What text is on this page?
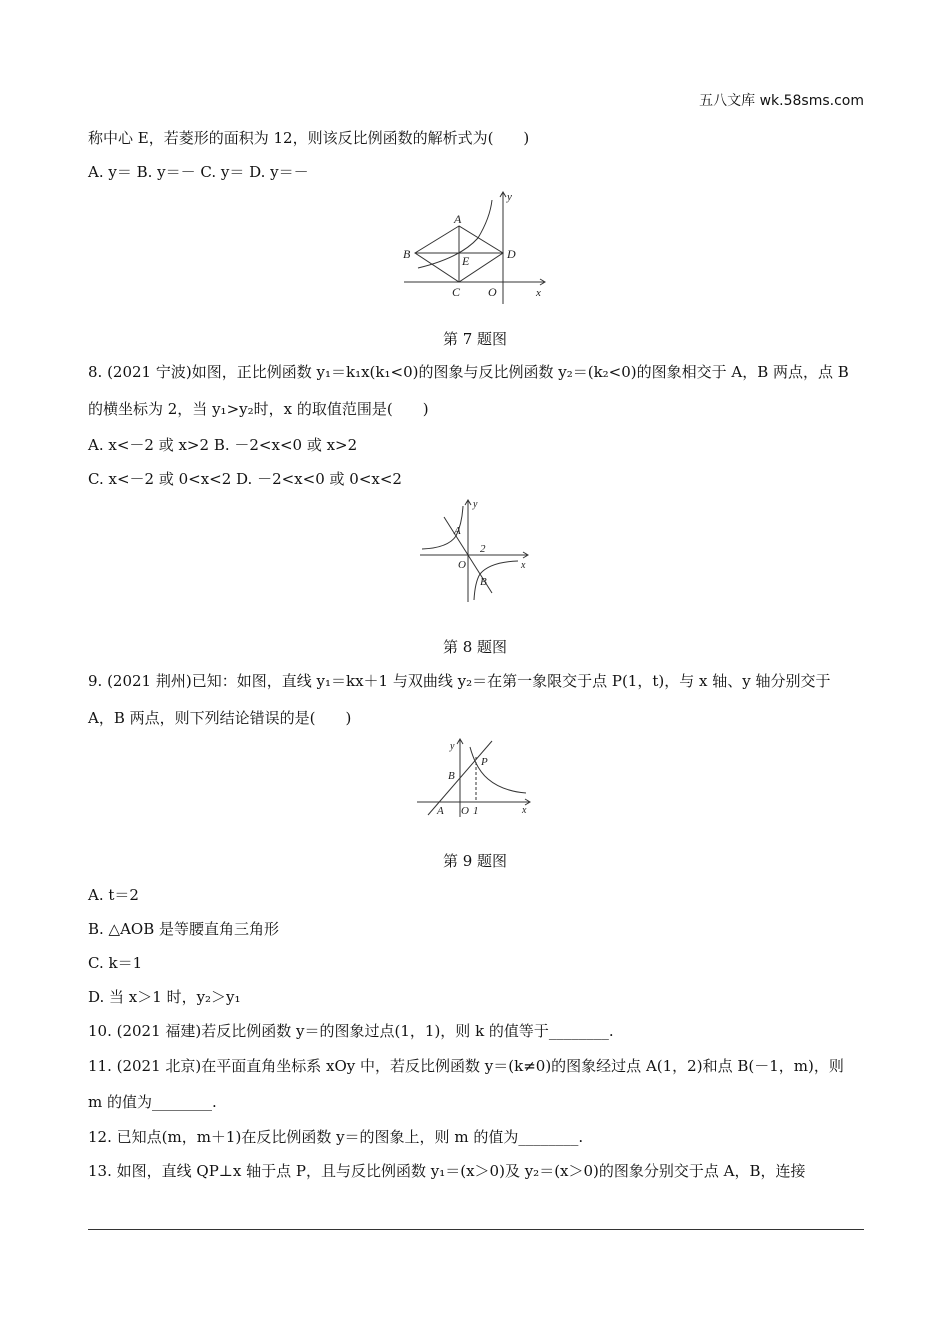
五八文库 wk.58sms.com
称中心 E，若菱形的面积为 12，则该反比例函数的解析式为(　　)
A. y＝ B. y＝－ C. y＝ D. y＝－
A
B
C
D
E
O	x
y
第 7 题图
8. (2021 宁波)如图，正比例函数 y₁＝k₁x(k₁<0)的图象与反比例函数 y₂＝(k₂<0)的图象相交于 A，B 两点，点 B
的横坐标为 2，当 y₁>y₂时，x 的取值范围是(　　)
A. x<－2 或 x>2 B. －2<x<0 或 x>2
C. x<－2 或 0<x<2 D. －2<x<0 或 0<x<2
A
B
O
2
x
y
第 8 题图
9. (2021 荆州)已知：如图，直线 y₁＝kx＋1 与双曲线 y₂＝在第一象限交于点 P(1，t)，与 x 轴、y 轴分别交于
A，B 两点，则下列结论错误的是(　　)
A
B
O
P
1	x
y
第 9 题图
A. t＝2
B. △AOB 是等腰直角三角形
C. k＝1
D. 当 x＞1 时，y₂＞y₁
10. (2021 福建)若反比例函数 y＝的图象过点(1，1)，则 k 的值等于________.
11. (2021 北京)在平面直角坐标系 xOy 中，若反比例函数 y＝(k≠0)的图象经过点 A(1，2)和点 B(－1，m)，则
m 的值为________.
12. 已知点(m，m＋1)在反比例函数 y＝的图象上，则 m 的值为________.
13. 如图，直线 QP⊥x 轴于点 P，且与反比例函数 y₁＝(x＞0)及 y₂＝(x＞0)的图象分别交于点 A，B，连接
